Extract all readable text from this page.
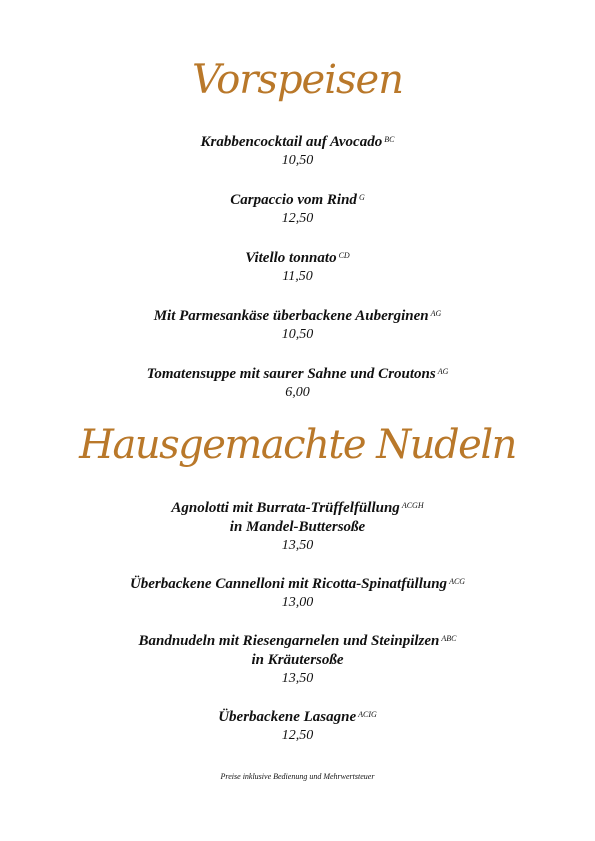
Vorspeisen
Krabbencocktail auf Avocado $^{BC}$
10,50
Carpaccio vom Rind $^G$
12,50
Vitello tonnato $^{CD}$
11,50
Mit Parmesankäse überbackene Auberginen $^{AG}$
10,50
Tomatensuppe mit saurer Sahne und Croutons $^{AG}$
6,00
Hausgemachte Nudeln
Agnolotti mit Burrata-Trüffelfüllung $^{ACGH}$
in Mandel-Buttersoße
13,50
Überbackene Cannelloni mit Ricotta-Spinatfüllung $^{ACG}$
13,00
Bandnudeln mit Riesengarnelen und Steinpilzen $^{ABC}$
in Kräutersoße
13,50
Überbackene Lasagne $^{ACIG}$
12,50
Preise inklusive Bedienung und Mehrwertsteuer
